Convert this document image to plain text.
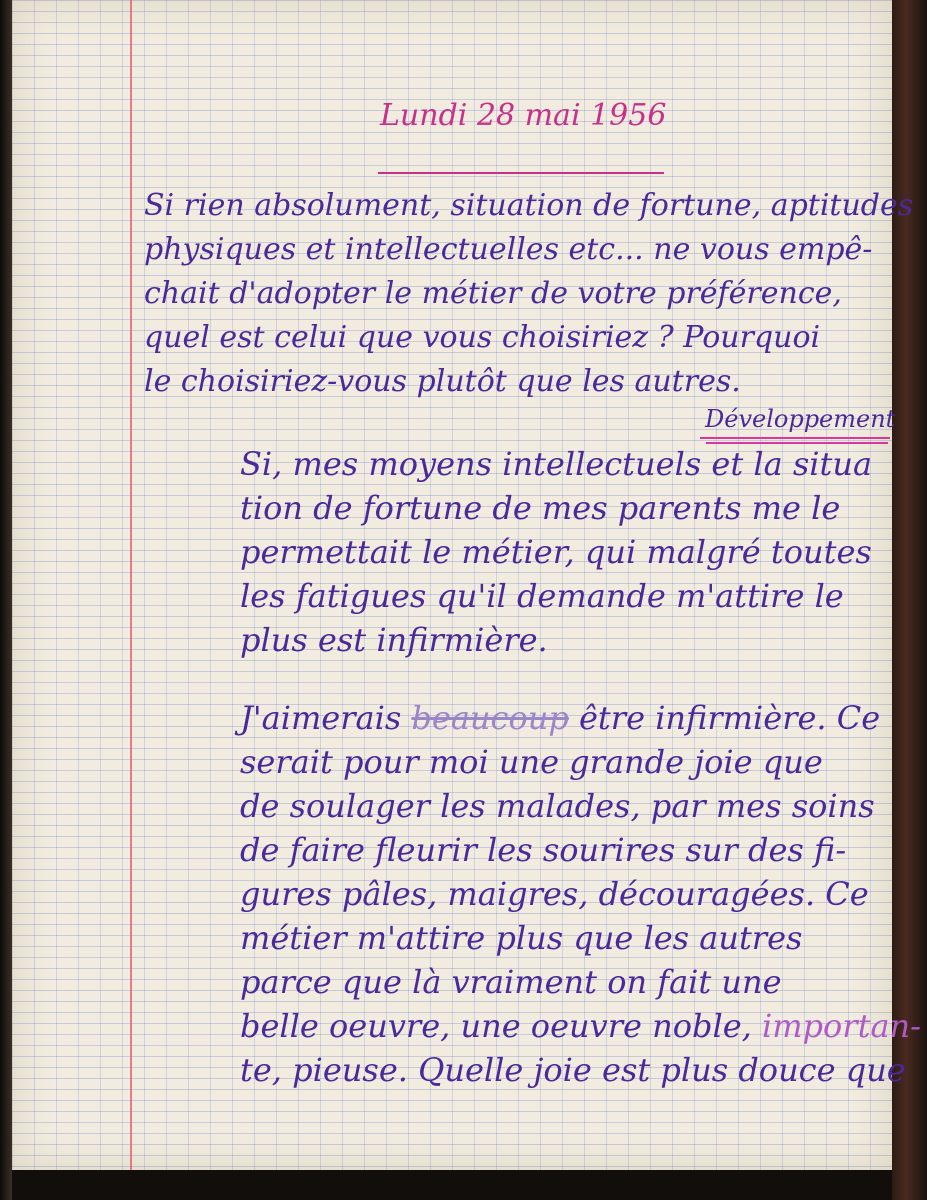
Lundi 28 mai 1956

Si rien absolument, situation de fortune, aptitudes

physiques et intellectuelles etc... ne vous empê-

chait d'adopter le métier de votre préférence,

quel est celui que vous choisiriez ? Pourquoi

le choisiriez-vous plutôt que les autres.

Développement

Si, mes moyens intellectuels et la situa

tion de fortune de mes parents me le

permettait le métier, qui malgré toutes

les fatigues qu'il demande m'attire le

plus est infirmière.

J'aimerais beaucoup être infirmière. Ce

serait pour moi une grande joie que

de soulager les malades, par mes soins

de faire fleurir les sourires sur des fi-

gures pâles, maigres, découragées. Ce

métier m'attire plus que les autres

parce que là vraiment on fait une

belle oeuvre, une oeuvre noble, importan-

te, pieuse. Quelle joie est plus douce que
